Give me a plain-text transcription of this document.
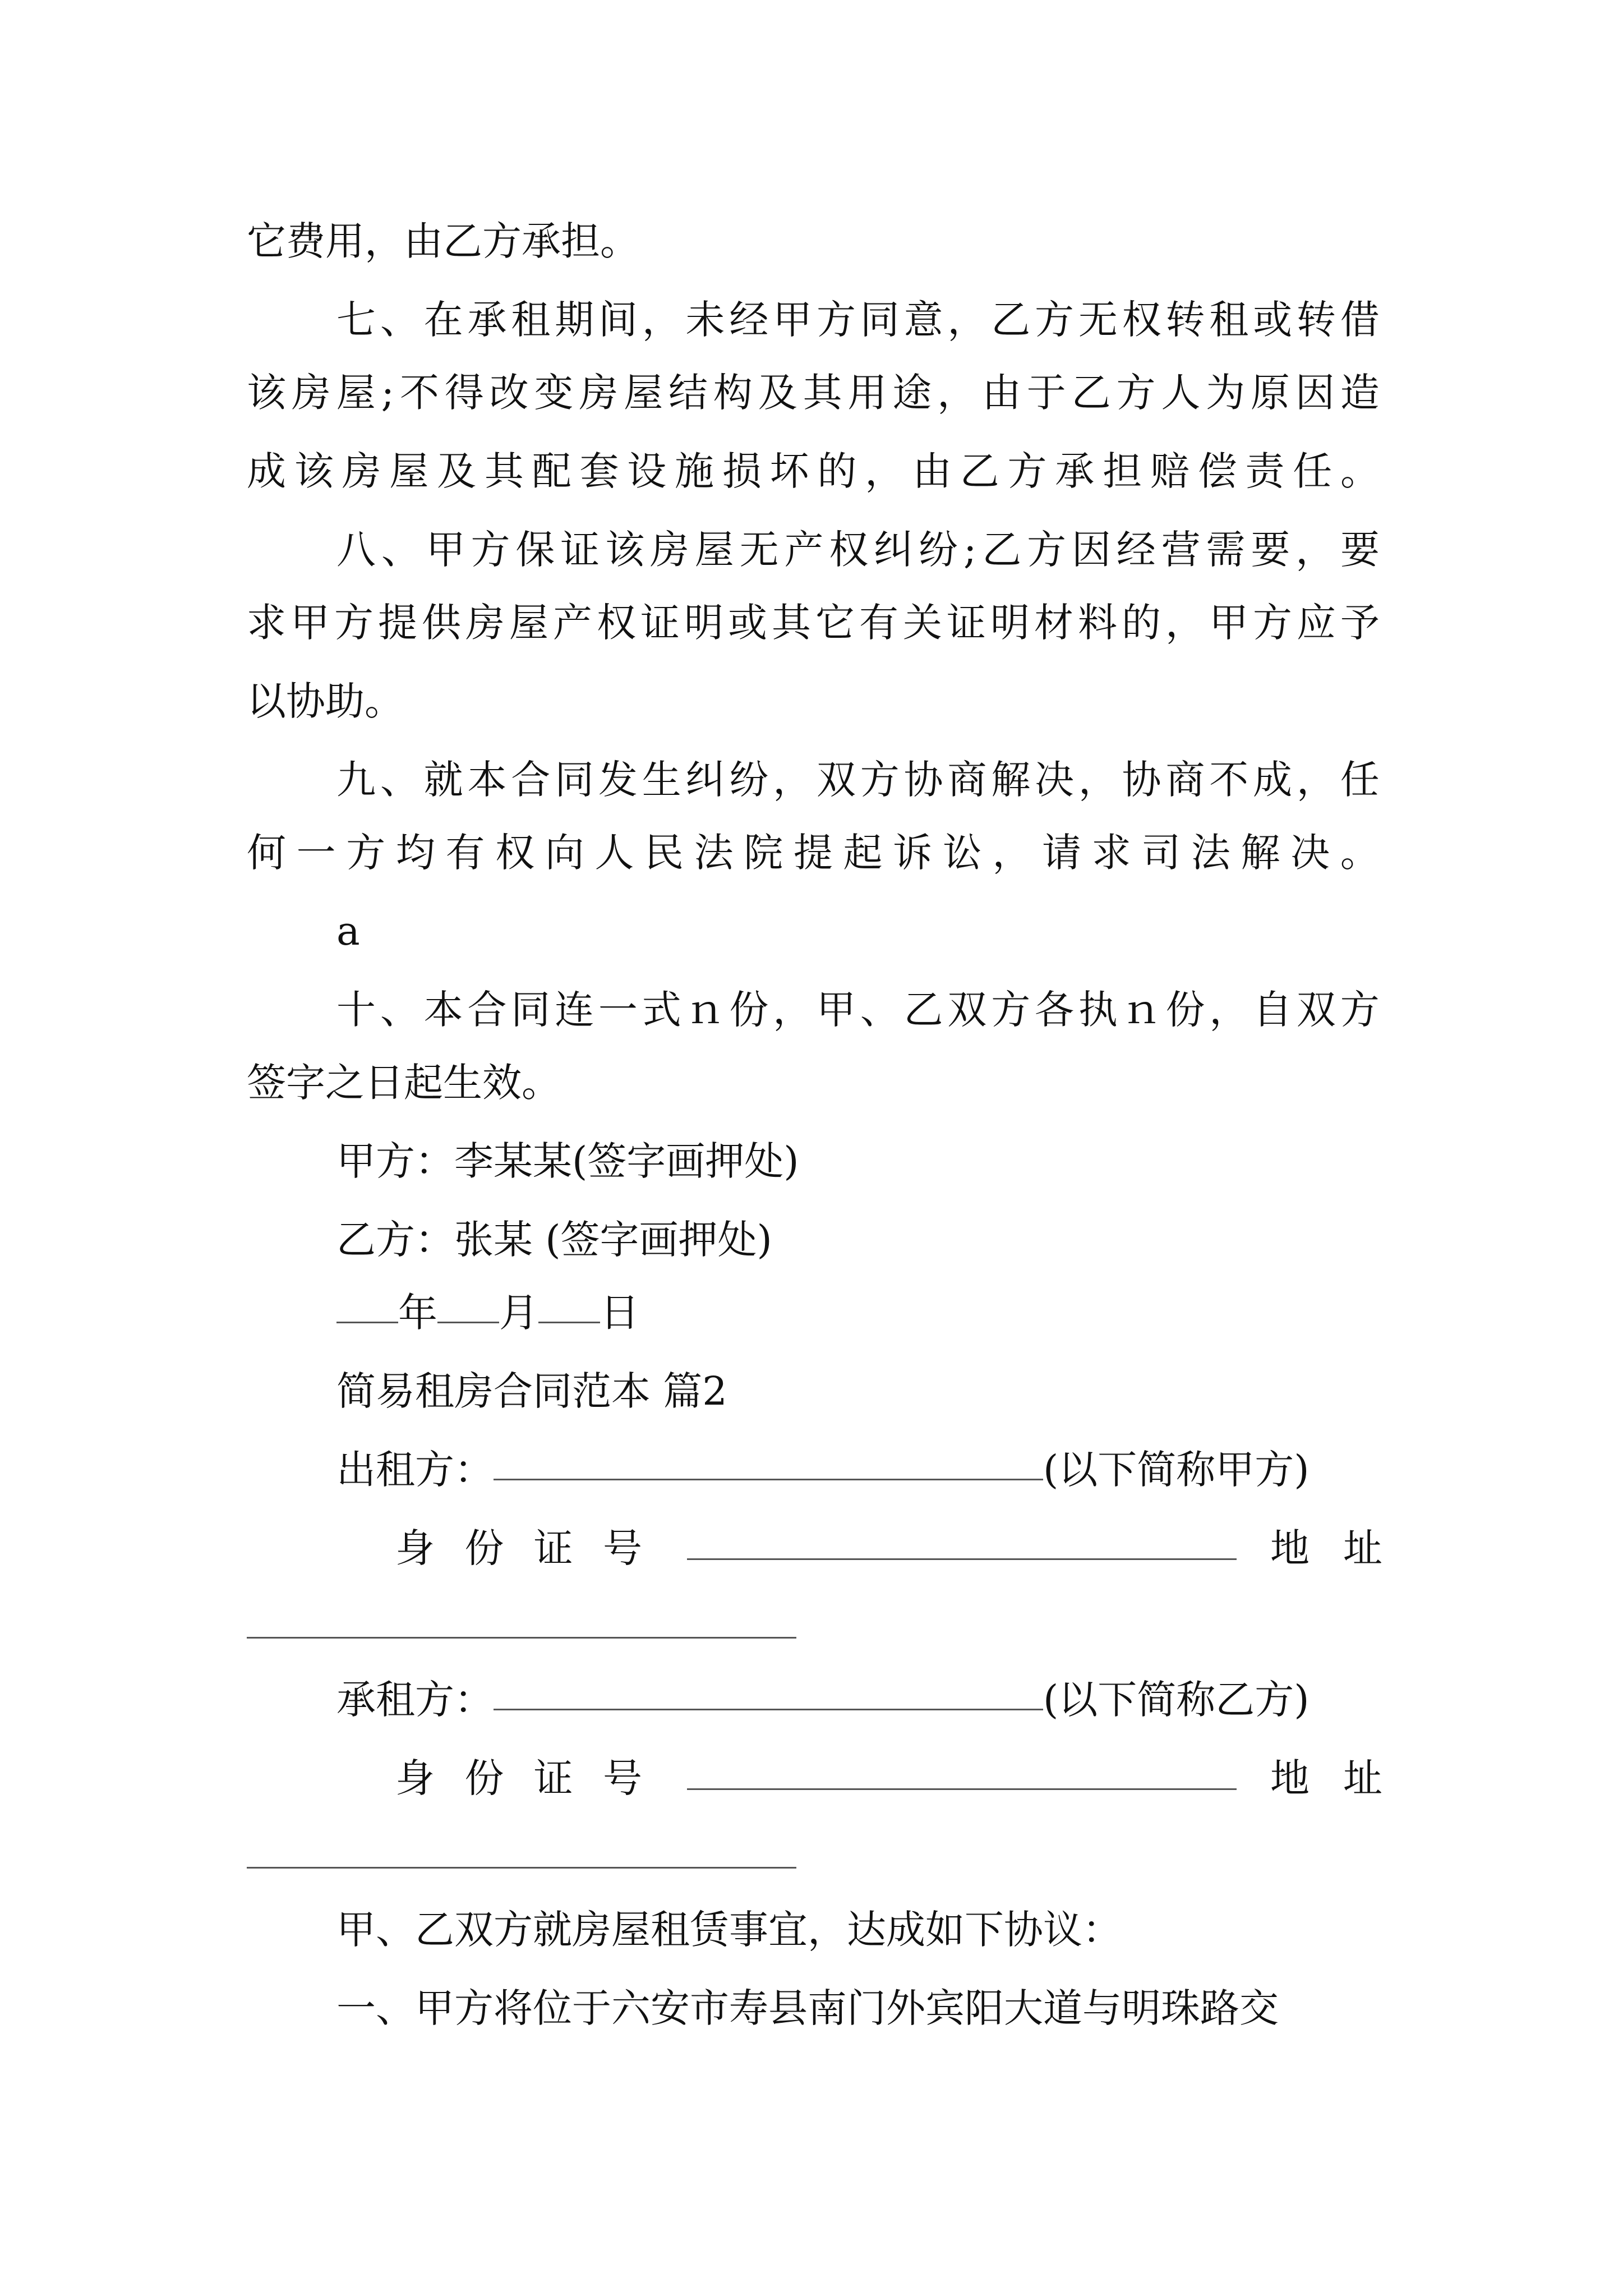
它费用，由乙方承担。
七 、 在 承 租 期 间 ， 未 经 甲 方 同 意 ， 乙 方 无 权 转 租 或 转 借
该 房 屋 ; 不 得 改 变 房 屋 结 构 及 其 用 途 ， 由 于 乙 方 人 为 原 因 造
成 该 房 屋 及 其 配 套 设 施 损 坏 的 ， 由 乙 方 承 担 赔 偿 责 任 。
八 、 甲 方 保 证 该 房 屋 无 产 权 纠 纷 ; 乙 方 因 经 营 需 要 ， 要
求 甲 方 提 供 房 屋 产 权 证 明 或 其 它 有 关 证 明 材 料 的 ， 甲 方 应 予
以协助。
九 、 就 本 合 同 发 生 纠 纷 ， 双 方 协 商 解 决 ， 协 商 不 成 ， 任
何 一 方 均 有 权 向 人 民 法 院 提 起 诉 讼 ， 请 求 司 法 解 决 。
a
十 、 本 合 同 连 一 式 ｎ 份 ， 甲 、 乙 双 方 各 执 ｎ 份 ， 自 双 方
签字之日起生效。
甲方：李某某(签字画押处)
乙方：张某 (签字画押处)
年 月 日
简易租房合同范本 篇2
出租方：	(以下简称甲方)
身 份 证 号	地 址
承租方：	(以下简称乙方)
身 份 证 号	地 址
甲、乙双方就房屋租赁事宜，达成如下协议：
一、甲方将位于六安市寿县南门外宾阳大道与明珠路交
